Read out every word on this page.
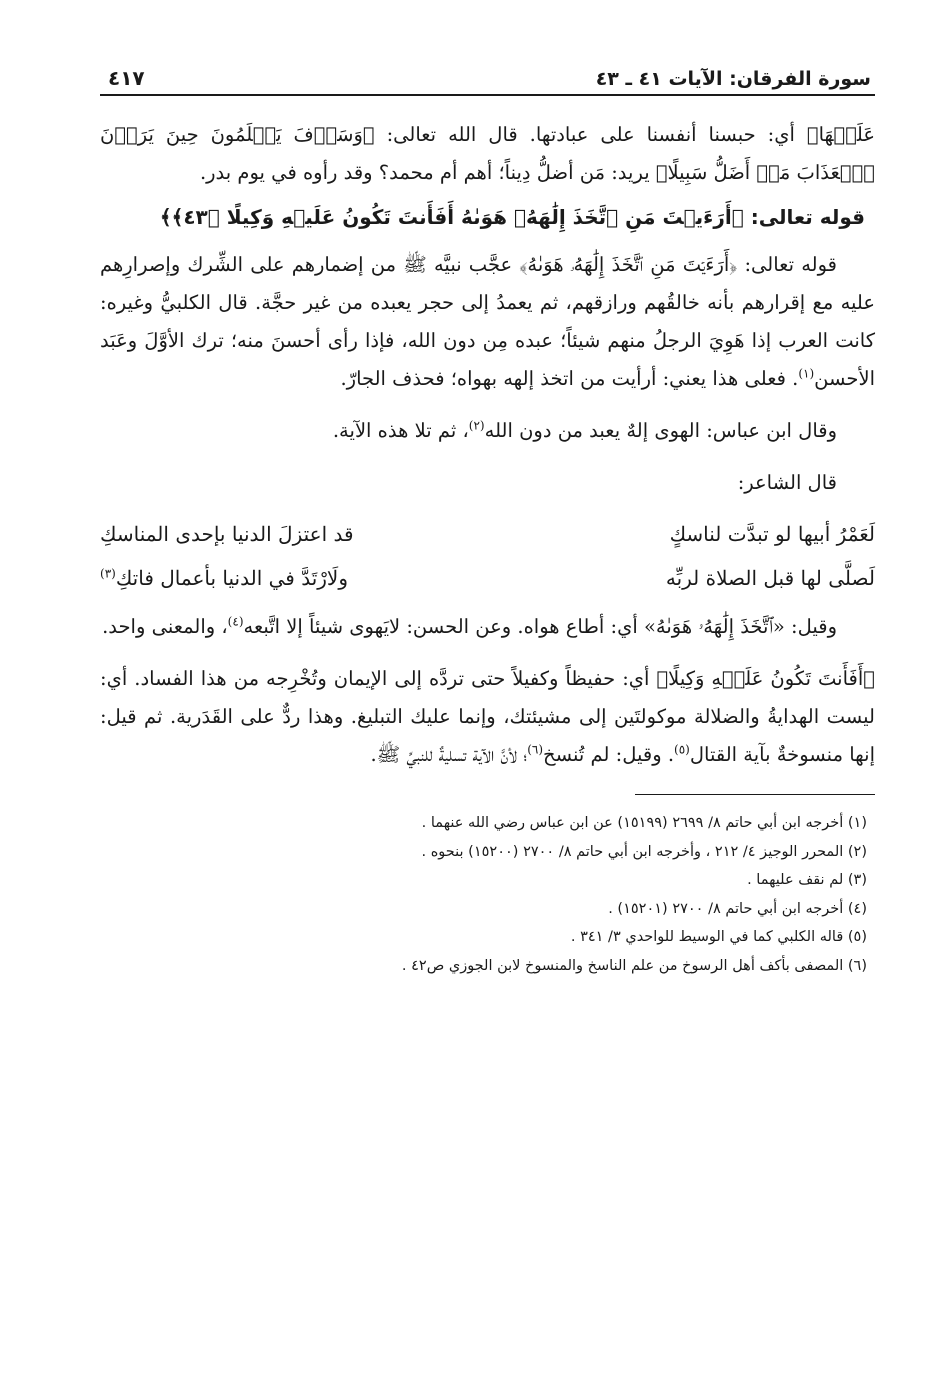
سورة الفرقان: الآيات ٤١ ـ ٤٣
٤١٧

عَلَيۡهَا﴾ أي: حبسنا أنفسنا على عبادتها. قال الله تعالى: ﴿وَسَوۡفَ يَعۡلَمُونَ حِينَ يَرَوۡنَ ٱلۡعَذَابَ مَنۡ أَضَلُّ سَبِيلًا﴾ يريد: مَن أضلُّ دِيناً؛ أهم أم محمد؟ وقد رأوه في يوم بدر.

قوله تعالى: ﴿أَرَءَيۡتَ مَنِ ٱتَّخَذَ إِلَٰهَهُۥ هَوَىٰهُ أَفَأَنتَ تَكُونُ عَلَيۡهِ وَكِيلًا ﴿٤٣﴾﴾

قوله تعالى: ﴿أَرَءَيۡتَ مَنِ ٱتَّخَذَ إِلَٰهَهُۥ هَوَىٰهُ﴾ عجَّب نبيَّه ﷺ من إضمارهم على الشِّرك وإصرارِهم عليه مع إقرارهم بأنه خالقُهم ورازقهم، ثم يعمدُ إلى حجر يعبده من غير حجَّة. قال الكلبيُّ وغيره: كانت العرب إذا هَوِيَ الرجلُ منهم شيئاً؛ عبده مِن دون الله، فإذا رأى أحسنَ منه؛ ترك الأوَّلَ وعَبَد الأحسن$^{(١)}$. فعلى هذا يعني: أرأيت من اتخذ إلهه بهواه؛ فحذف الجارّ.

وقال ابن عباس: الهوى إلهٌ يعبد من دون الله$^{(٢)}$، ثم تلا هذه الآية.

قال الشاعر:

لَعَمْرُ أبيها لو تبدَّت لناسكٍ
قد اعتزلَ الدنيا بإحدى المناسكِ
لَصلَّى لها قبل الصلاة لربِّه
ولَارْتَدَّ في الدنيا بأعمال فاتكِ$^{(٣)}$

وقيل: «ٱتَّخَذَ إِلَٰهَهُۥ هَوَىٰهُ» أي: أطاع هواه. وعن الحسن: لايَهوى شيئاً إلا اتَّبعه$^{(٤)}$، والمعنى واحد.

﴿أَفَأَنتَ تَكُونُ عَلَيۡهِ وَكِيلًا﴾ أي: حفيظاً وكفيلاً حتى تردَّه إلى الإيمان وتُخْرِجه من هذا الفساد. أي: ليست الهدايةُ والضلالة موكولتَين إلى مشيئتك، وإنما عليك التبليغ. وهذا ردٌّ على القَدَرية. ثم قيل: إنها منسوخةٌ بآية القتال$^{(٥)}$. وقيل: لم تُنسخ$^{(٦)}$؛ لأنَّ الآية تسليةٌ للنبيِّ ﷺ.

(١) أخرجه ابن أبي حاتم ٨/ ٢٦٩٩ (١٥١٩٩) عن ابن عباس رضي الله عنهما .
(٢) المحرر الوجيز ٤/ ٢١٢ ، وأخرجه ابن أبي حاتم ٨/ ٢٧٠٠ (١٥٢٠٠) بنحوه .
(٣) لم نقف عليهما .
(٤) أخرجه ابن أبي حاتم ٨/ ٢٧٠٠ (١٥٢٠١) .
(٥) قاله الكلبي كما في الوسيط للواحدي ٣/ ٣٤١ .
(٦) المصفى بأكف أهل الرسوخ من علم الناسخ والمنسوخ لابن الجوزي ص٤٢ .
